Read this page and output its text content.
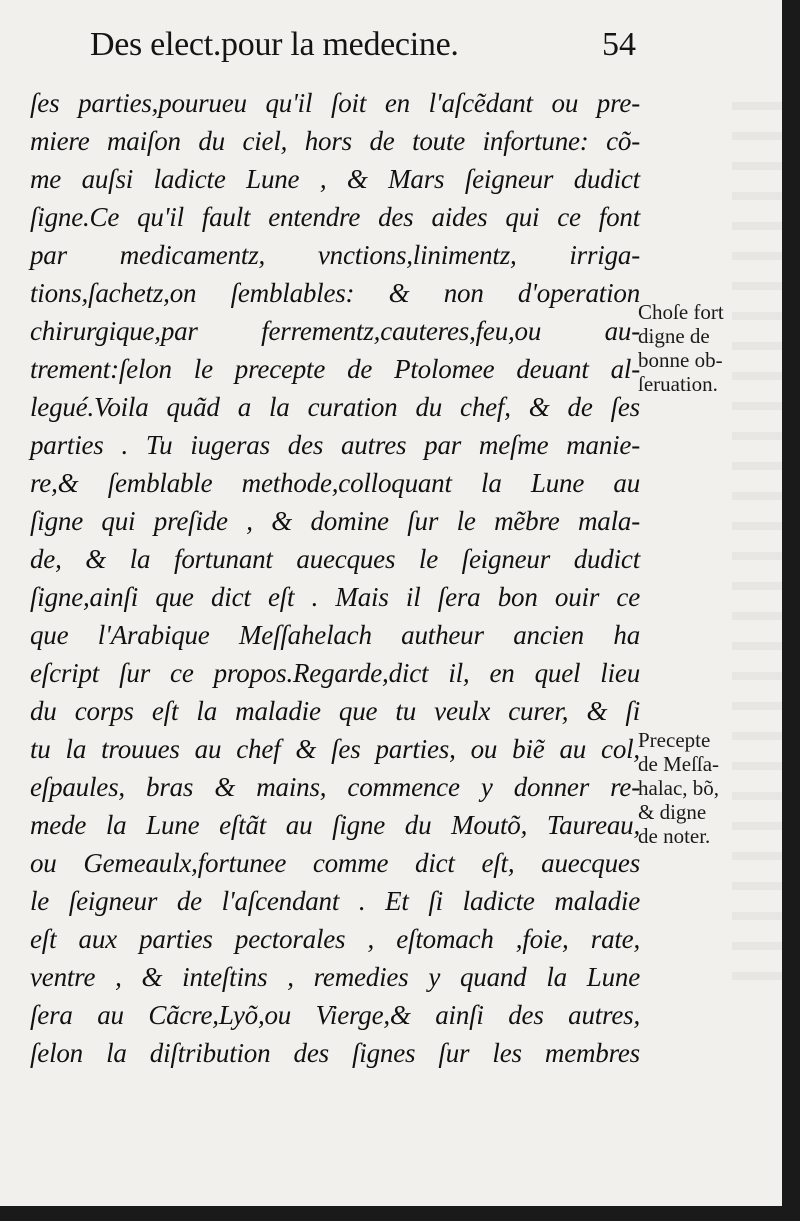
Des elect.pour la medecine.	54
ſes parties,pourueu qu'il ſoit en l'aſcẽdant ou pre-
miere maiſon du ciel, hors de toute infortune: cõ-
me auſsi ladicte Lune , & Mars ſeigneur dudict
ſigne.Ce qu'il fault entendre des aides qui ce font
par medicamentz, vnctions,linimentz, irriga-
tions,ſachetz,on ſemblables: & non d'operation
chirurgique,par ferrementz,cauteres,feu,ou au-
trement:ſelon le precepte de Ptolomee deuant al-
legué.Voila quãd a la curation du chef, & de ſes
parties . Tu iugeras des autres par meſme manie-
re,& ſemblable methode,colloquant la Lune au
ſigne qui preſide , & domine ſur le mẽbre mala-
de, & la fortunant auecques le ſeigneur dudict
ſigne,ainſi que dict eſt . Mais il ſera bon ouir ce
que l'Arabique Meſſahelach autheur ancien ha
eſcript ſur ce propos.Regarde,dict il, en quel lieu
du corps eſt la maladie que tu veulx curer, & ſi
tu la trouues au chef & ſes parties, ou biẽ au col,
eſpaules, bras & mains, commence y donner re-
mede la Lune eſtãt au ſigne du Moutõ, Taureau,
ou Gemeaulx,fortunee comme dict eſt, auecques
le ſeigneur de l'aſcendant . Et ſi ladicte maladie
eſt aux parties pectorales , eſtomach ,foie, rate,
ventre , & inteſtins , remedies y quand la Lune
ſera au Cãcre,Lyõ,ou Vierge,& ainſi des autres,
ſelon la diſtribution des ſignes ſur les membres
Choſe fort
digne de
bonne ob-
ſeruation.
Precepte
de Meſſa-
halac, bõ,
& digne
de noter.
